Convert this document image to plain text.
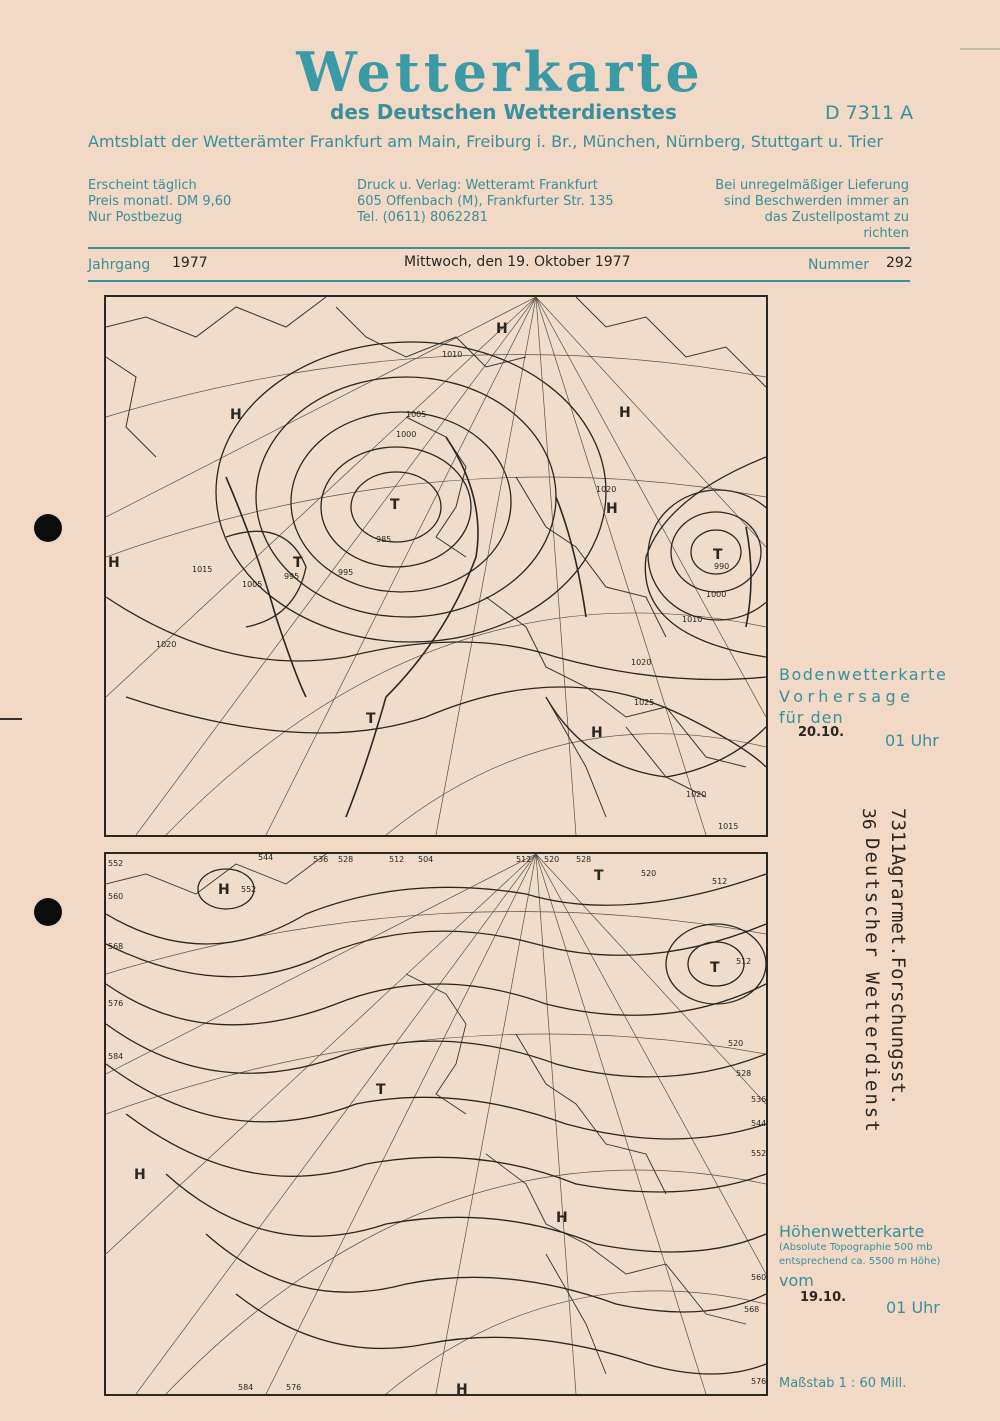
Wetterkarte
des Deutschen Wetterdienstes	D 7311 A
Amtsblatt der Wetterämter Frankfurt am Main, Freiburg i. Br., München, Nürnberg, Stuttgart u. Trier
Erscheint täglich
Preis monatl. DM 9,60
Nur Postbezug
Druck u. Verlag: Wetteramt Frankfurt
605 Offenbach (M), Frankfurter Str. 135
Tel. (0611) 8062281
Bei unregelmäßiger Lieferung
sind Beschwerden immer an
das Zustellpostamt zu richten
Jahrgang 1977	Mittwoch, den 19. Oktober 1977	Nummer 292
T
985
T
990
T
995
H
H
H
H
H
H
T
1010
1005
1000
995
1015
1005
1020
1020
1000
1010
1020
1025
1020
1015
Bodenwetterkarte
Vorhersage
für den
20.10.	01 Uhr
H 552
H
H
H
T
T 512
T
552
560
568
576
584
544	536 528	512 504	512 520 528
520
512
520
528
536
544
552
560
568
576
584	576
Höhenwetterkarte
(Absolute Topographie 500 mb
entsprechend ca. 5500 m Höhe)
vom
19.10.
01 Uhr
Maßstab 1 : 60 Mill.
7311Agrarmet.Forschungsst.
Deutscher Wetterdienst
36
